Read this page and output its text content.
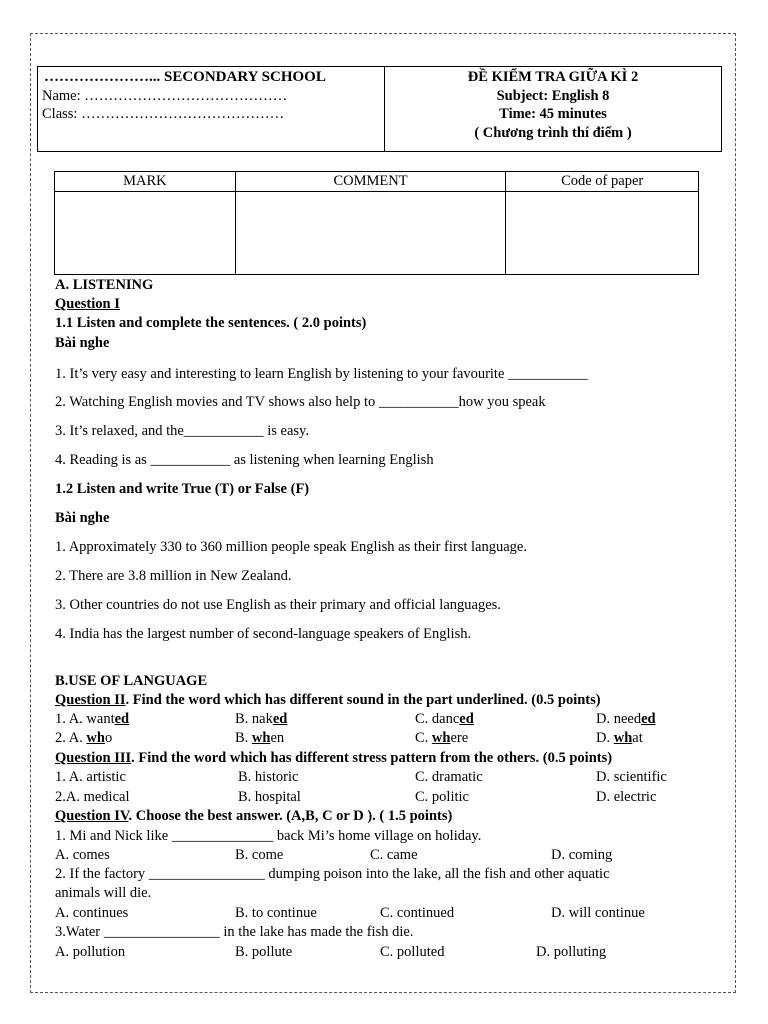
…………………... SECONDARY SCHOOL
Name: ……………………………………
Class: ……………………………………
ĐỀ KIỂM TRA GIỮA KÌ 2
Subject: English 8
Time: 45 minutes
( Chương trình thí điểm )
MARK	COMMENT	Code of paper

A. LISTENING
Question I
1.1 Listen and complete the sentences. ( 2.0 points)
Bài nghe
1. It’s very easy and interesting to learn English by listening to your favourite ___________
2. Watching English movies and TV shows also help to ___________how you speak
3. It’s relaxed, and the___________ is easy.
4. Reading is as ___________ as listening when learning English
1.2 Listen and write True (T) or False (F)
Bài nghe
1. Approximately 330 to 360 million people speak English as their first language.
2. There are 3.8 million in New Zealand.
3. Other countries do not use English as their primary and official languages.
4. India has the largest number of second-language speakers of English.
B.USE OF LANGUAGE
Question II. Find the word which has different sound in the part underlined. (0.5 points)
1. A. wanted	B. naked	C. danced	D. needed
2. A. who	B. when	C. where	D. what
Question III. Find the word which has different stress pattern from the others. (0.5 points)
1. A. artistic	B. historic	C. dramatic	D. scientific
2.A. medical	B. hospital	C. politic	D. electric
Question IV. Choose the best answer. (A,B, C or D ). ( 1.5 points)
1. Mi and Nick like ______________ back Mi’s home village on holiday.
A. comes	B. come	C. came	D. coming
2. If the factory ________________ dumping poison into the lake, all the fish and other aquatic
animals will die.
A. continues	B. to continue	C. continued	D. will continue
3.Water ________________ in the lake has made the fish die.
A. pollution	B. pollute	C. polluted	D. polluting
